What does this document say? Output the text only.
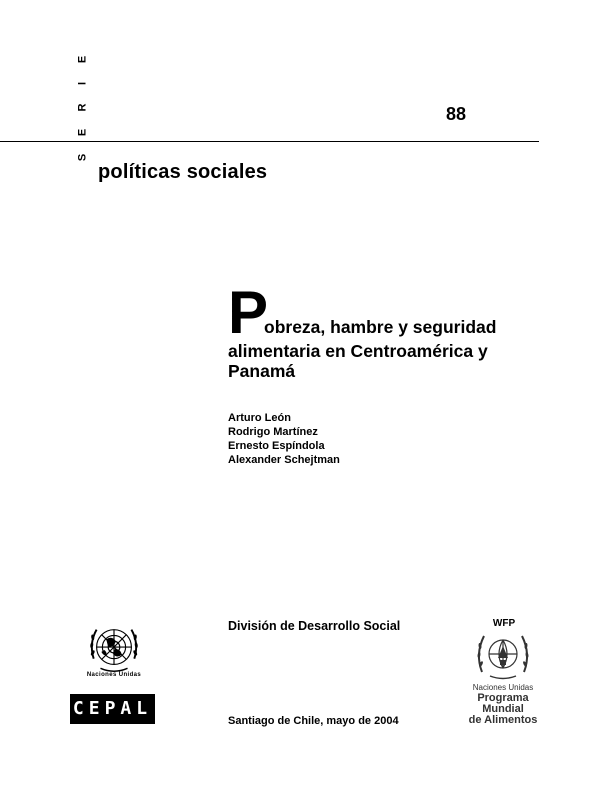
S
E
R
I
E
88
políticas sociales
P
obreza, hambre y seguridad
alimentaria en Centroamérica y
Panamá
Arturo León
Rodrigo Martínez
Ernesto Espíndola
Alexander Schejtman
División de Desarrollo Social
Santiago de Chile, mayo de 2004
Naciones Unidas
CEPAL
WFP
Naciones Unidas
Programa
Mundial
de Alimentos
